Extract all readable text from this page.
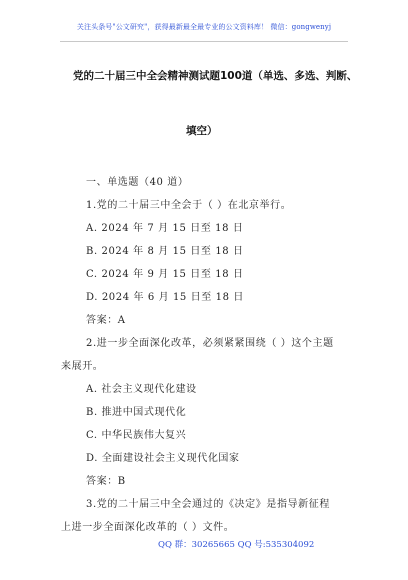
关注头条号"公文研究"，获得最新最全最专业的公文资料库！ 微信：gongwenyj
党的二十届三中全会精神测试题100道（单选、多选、判断、
填空）
一、单选题（40 道）
1.党的二十届三中全会于（ ）在北京举行。
A. 2024 年 7 月 15 日至 18 日
B. 2024 年 8 月 15 日至 18 日
C. 2024 年 9 月 15 日至 18 日
D. 2024 年 6 月 15 日至 18 日
答案：A
2.进一步全面深化改革，必须紧紧围绕（ ）这个主题
来展开。
A. 社会主义现代化建设
B. 推进中国式现代化
C. 中华民族伟大复兴
D. 全面建设社会主义现代化国家
答案：B
3.党的二十届三中全会通过的《决定》是指导新征程
上进一步全面深化改革的（ ）文件。
QQ 群：30265665 QQ 号:535304092
